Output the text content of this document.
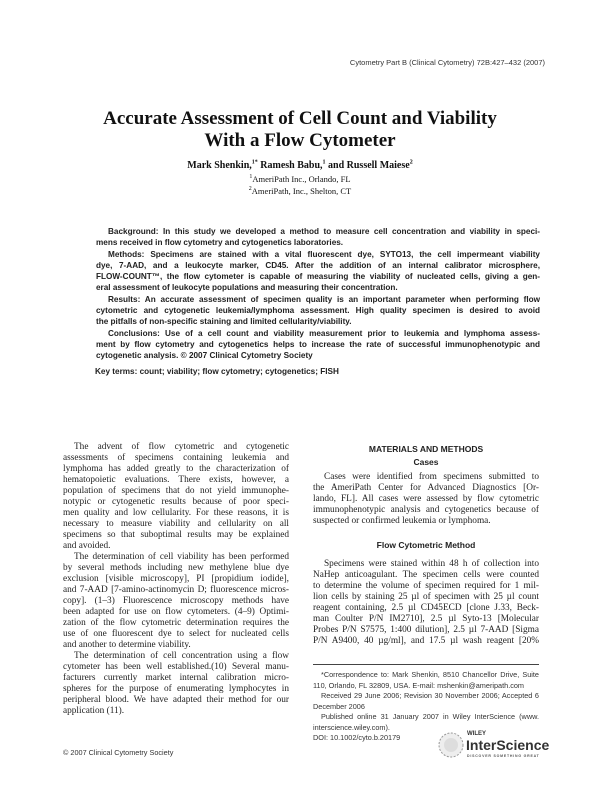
Cytometry Part B (Clinical Cytometry) 72B:427–432 (2007)
Accurate Assessment of Cell Count and Viability
With a Flow Cytometer
Mark Shenkin,$^{1*}$ Ramesh Babu,$^1$ and Russell Maiese$^2$
$^1$AmeriPath Inc., Orlando, FL
$^2$AmeriPath, Inc., Shelton, CT
Background: In this study we developed a method to measure cell concentration and viability in speci-
mens received in flow cytometry and cytogenetics laboratories.
Methods: Specimens are stained with a vital fluorescent dye, SYTO13, the cell impermeant viability
dye, 7-AAD, and a leukocyte marker, CD45. After the addition of an internal calibrator microsphere,
FLOW-COUNT™, the flow cytometer is capable of measuring the viability of nucleated cells, giving a gen-
eral assessment of leukocyte populations and measuring their concentration.
Results: An accurate assessment of specimen quality is an important parameter when performing flow
cytometric and cytogenetic leukemia/lymphoma assessment. High quality specimen is desired to avoid
the pitfalls of non-specific staining and limited cellularity/viability.
Conclusions: Use of a cell count and viability measurement prior to leukemia and lymphoma assess-
ment by flow cytometry and cytogenetics helps to increase the rate of successful immunophenotypic and
cytogenetic analysis. © 2007 Clinical Cytometry Society
Key terms: count; viability; flow cytometry; cytogenetics; FISH
The advent of flow cytometric and cytogenetic
assessments of specimens containing leukemia and
lymphoma has added greatly to the characterization of
hematopoietic evaluations. There exists, however, a
population of specimens that do not yield immunophe-
notypic or cytogenetic results because of poor speci-
men quality and low cellularity. For these reasons, it is
necessary to measure viability and cellularity on all
specimens so that suboptimal results may be explained
and avoided.
The determination of cell viability has been performed
by several methods including new methylene blue dye
exclusion [visible microscopy], PI [propidium iodide],
and 7-AAD [7-amino-actinomycin D; fluorescence micros-
copy]. (1–3) Fluorescence microscopy methods have
been adapted for use on flow cytometers. (4–9) Optimi-
zation of the flow cytometric determination requires the
use of one fluorescent dye to select for nucleated cells
and another to determine viability.
The determination of cell concentration using a flow
cytometer has been well established.(10) Several manu-
facturers currently market internal calibration micro-
spheres for the purpose of enumerating lymphocytes in
peripheral blood. We have adapted their method for our
application (11).
MATERIALS AND METHODS
Cases
Cases were identified from specimens submitted to
the AmeriPath Center for Advanced Diagnostics [Or-
lando, FL]. All cases were assessed by flow cytometric
immunophenotypic analysis and cytogenetics because of
suspected or confirmed leukemia or lymphoma.
Flow Cytometric Method
Specimens were stained within 48 h of collection into
NaHep anticoagulant. The specimen cells were counted
to determine the volume of specimen required for 1 mil-
lion cells by staining 25 µl of specimen with 25 µl count
reagent containing, 2.5 µl CD45ECD [clone J.33, Beck-
man Coulter P/N IM2710], 2.5 µl Syto-13 [Molecular
Probes P/N S7575, 1:400 dilution], 2.5 µl 7-AAD [Sigma
P/N A9400, 40 µg/ml], and 17.5 µl wash reagent [20%
*Correspondence to: Mark Shenkin, 8510 Chancellor Drive, Suite
110, Orlando, FL 32809, USA. E-mail: mshenkin@ameripath.com
Received 29 June 2006; Revision 30 November 2006; Accepted 6
December 2006
Published online 31 January 2007 in Wiley InterScience (www.
interscience.wiley.com).
DOI: 10.1002/cyto.b.20179
© 2007 Clinical Cytometry Society
WILEY
InterScience
DISCOVER SOMETHING GREAT
